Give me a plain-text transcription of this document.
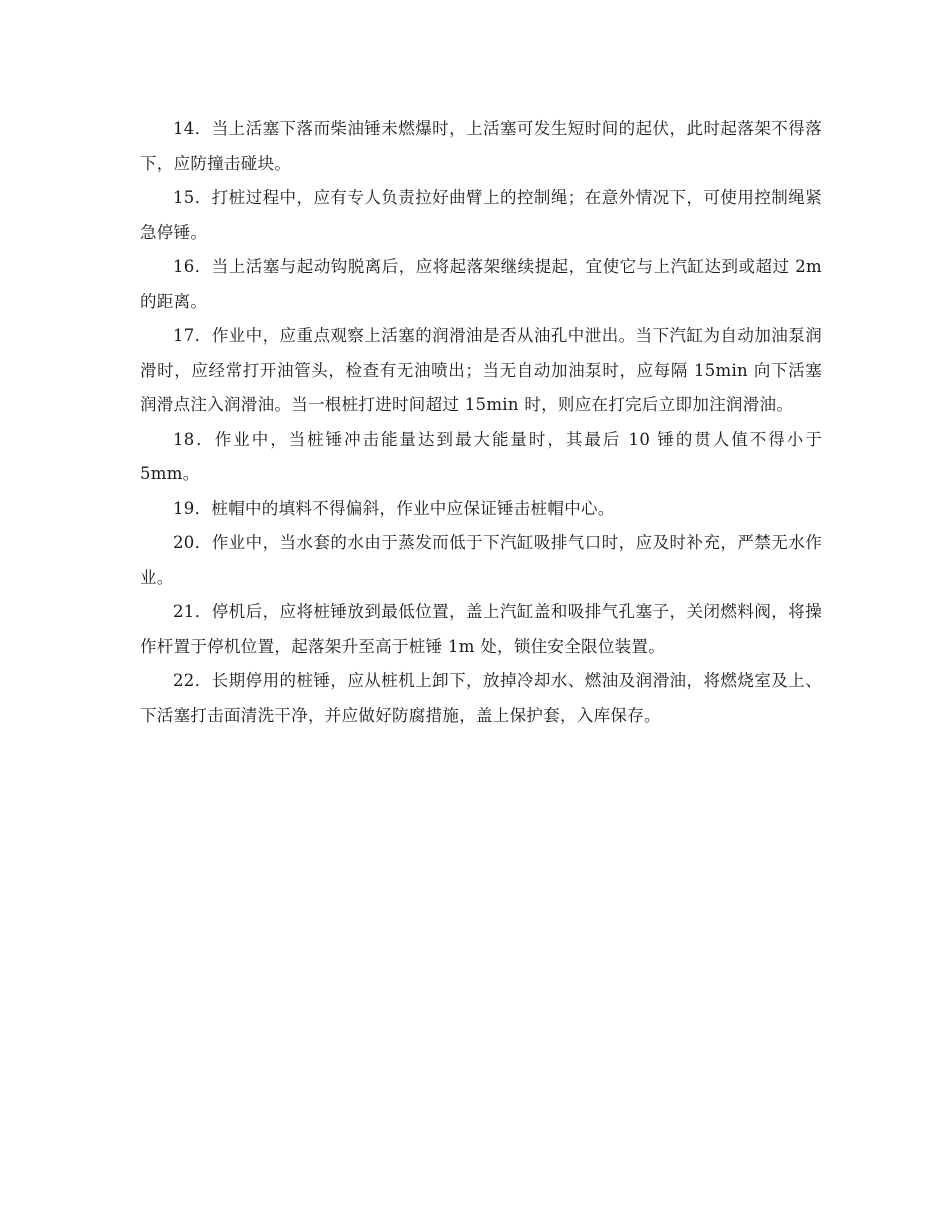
14．当上活塞下落而柴油锤未燃爆时，上活塞可发生短时间的起伏，此时起落架不得落下，应防撞击碰块。

15．打桩过程中，应有专人负责拉好曲臂上的控制绳；在意外情况下，可使用控制绳紧急停锤。

16．当上活塞与起动钩脱离后，应将起落架继续提起，宜使它与上汽缸达到或超过 2m 的距离。

17．作业中，应重点观察上活塞的润滑油是否从油孔中泄出。当下汽缸为自动加油泵润滑时，应经常打开油管头，检查有无油喷出；当无自动加油泵时，应每隔 15min 向下活塞润滑点注入润滑油。当一根桩打进时间超过 15min 时，则应在打完后立即加注润滑油。

18．作业中，当桩锤冲击能量达到最大能量时，其最后 10 锤的贯人值不得小于 5mm。

19．桩帽中的填料不得偏斜，作业中应保证锤击桩帽中心。

20．作业中，当水套的水由于蒸发而低于下汽缸吸排气口时，应及时补充，严禁无水作业。

21．停机后，应将桩锤放到最低位置，盖上汽缸盖和吸排气孔塞子，关闭燃料阀，将操作杆置于停机位置，起落架升至高于桩锤 1m 处，锁住安全限位装置。

22．长期停用的桩锤，应从桩机上卸下，放掉冷却水、燃油及润滑油，将燃烧室及上、下活塞打击面清洗干净，并应做好防腐措施，盖上保护套，入库保存。
